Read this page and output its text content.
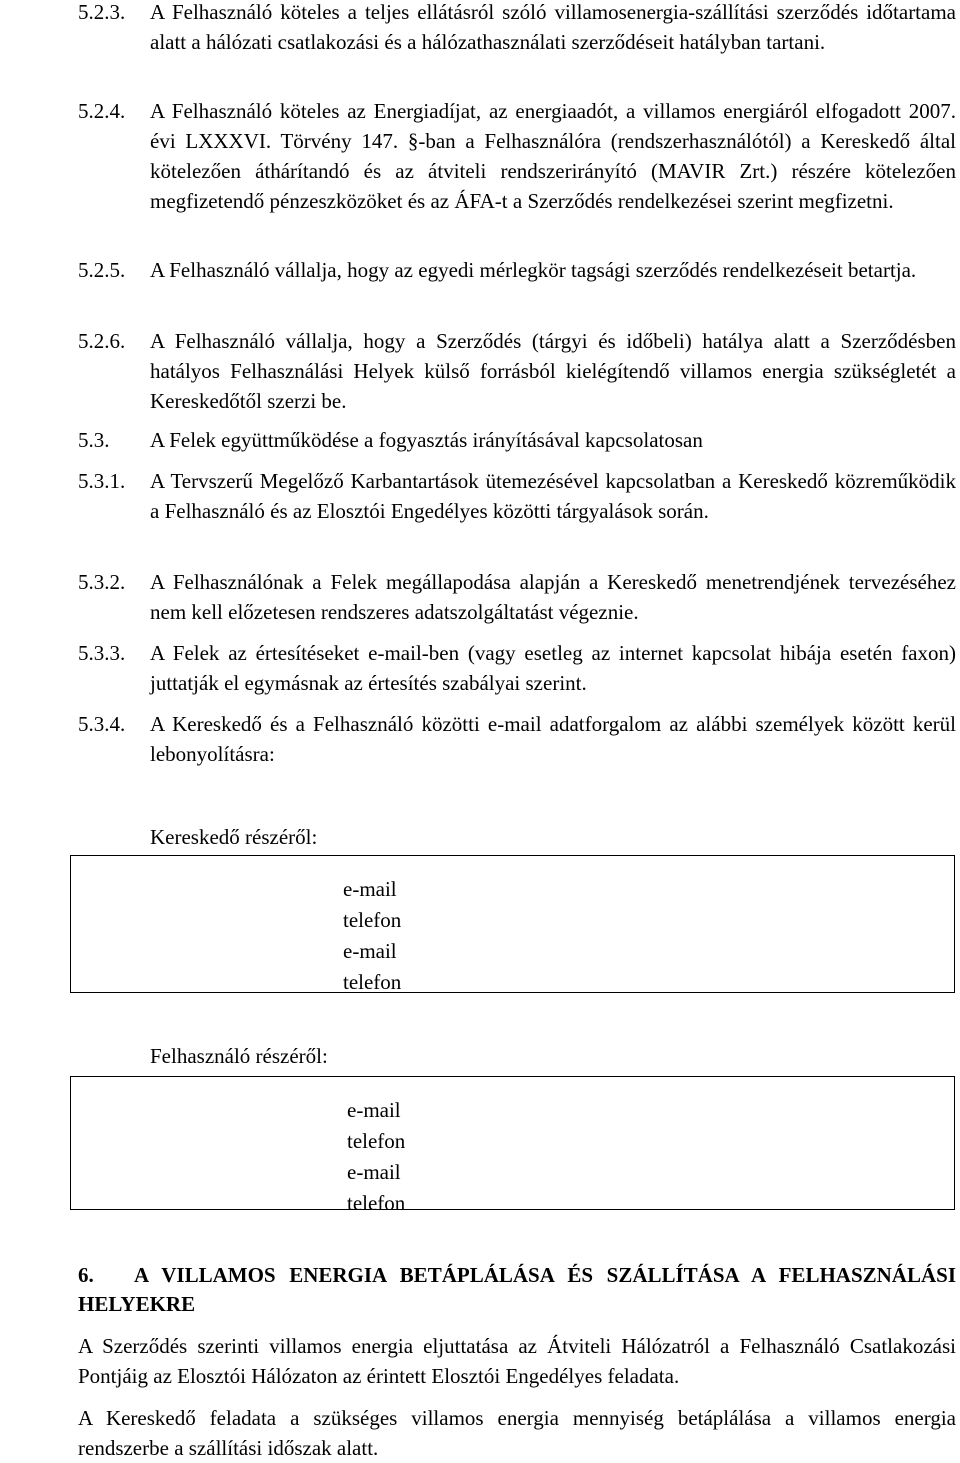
5.2.3. A Felhasználó köteles a teljes ellátásról szóló villamosenergia-szállítási szerződés időtartama alatt a hálózati csatlakozási és a hálózathasználati szerződéseit hatályban tartani.
5.2.4. A Felhasználó köteles az Energiadíjat, az energiaadót, a villamos energiáról elfogadott 2007. évi LXXXVI. Törvény 147. §-ban a Felhasználóra (rendszerhasználótól) a Kereskedő által kötelezően áthárítandó és az átviteli rendszerirányító (MAVIR Zrt.) részére kötelezően megfizetendő pénzeszközöket és az ÁFA-t a Szerződés rendelkezései szerint megfizetni.
5.2.5. A Felhasználó vállalja, hogy az egyedi mérlegkör tagsági szerződés rendelkezéseit betartja.
5.2.6. A Felhasználó vállalja, hogy a Szerződés (tárgyi és időbeli) hatálya alatt a Szerződésben hatályos Felhasználási Helyek külső forrásból kielégítendő villamos energia szükségletét a Kereskedőtől szerzi be.
5.3. A Felek együttműködése a fogyasztás irányításával kapcsolatosan
5.3.1. A Tervszerű Megelőző Karbantartások ütemezésével kapcsolatban a Kereskedő közreműködik a Felhasználó és az Elosztói Engedélyes közötti tárgyalások során.
5.3.2. A Felhasználónak a Felek megállapodása alapján a Kereskedő menetrendjének tervezéséhez nem kell előzetesen rendszeres adatszolgáltatást végeznie.
5.3.3. A Felek az értesítéseket e-mail-ben (vagy esetleg az internet kapcsolat hibája esetén faxon) juttatják el egymásnak az értesítés szabályai szerint.
5.3.4. A Kereskedő és a Felhasználó közötti e-mail adatforgalom az alábbi személyek között kerül lebonyolításra:
Kereskedő részéről:
e-mail
telefon
e-mail
telefon
Felhasználó részéről:
e-mail
telefon
e-mail
telefon
6.	A VILLAMOS ENERGIA BETÁPLÁLÁSA ÉS SZÁLLÍTÁSA A FELHASZNÁLÁSI HELYEKRE
A Szerződés szerinti villamos energia eljuttatása az Átviteli Hálózatról a Felhasználó Csatlakozási Pontjáig az Elosztói Hálózaton az érintett Elosztói Engedélyes feladata.
A Kereskedő feladata a szükséges villamos energia mennyiség betáplálása a villamos energia rendszerbe a szállítási időszak alatt.
